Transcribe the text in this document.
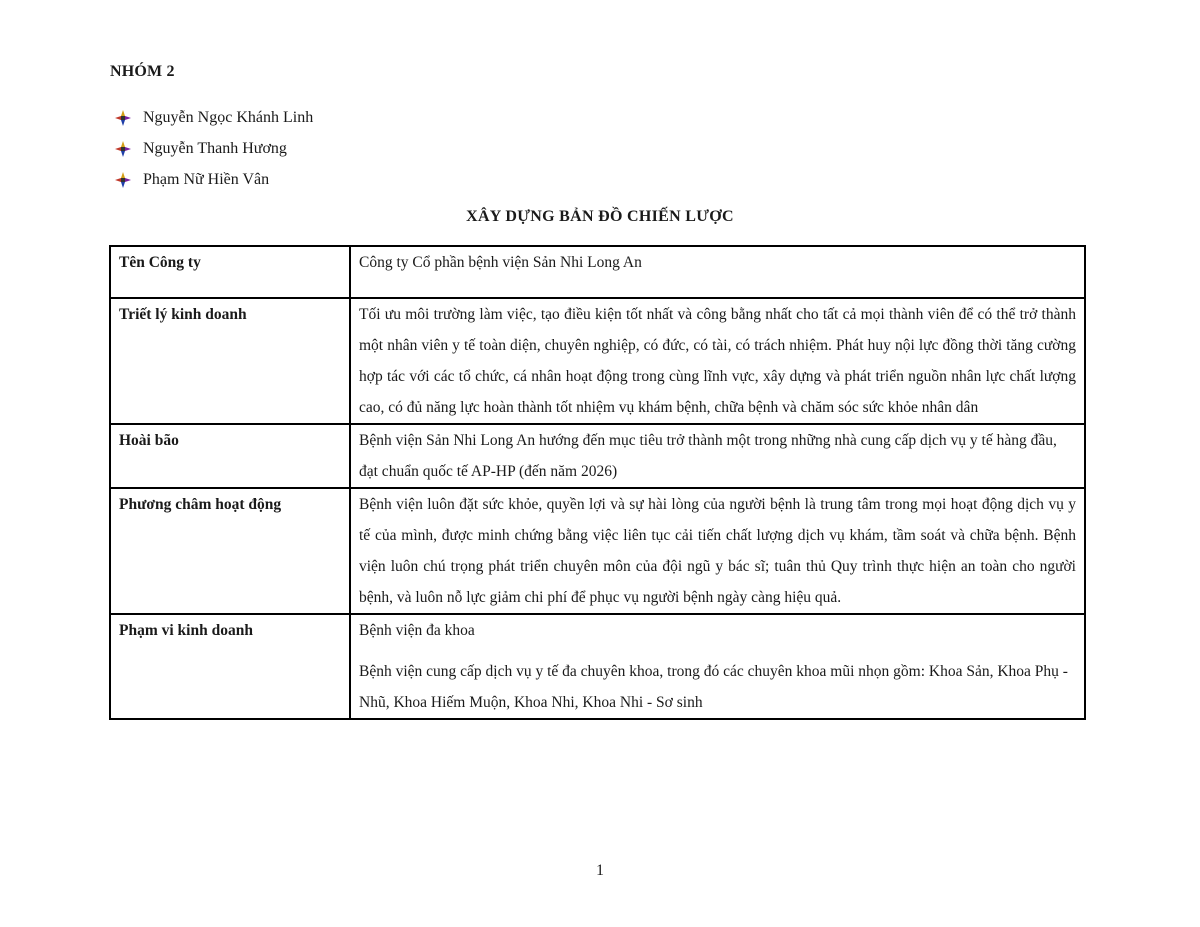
NHÓM 2
Nguyễn Ngọc Khánh Linh
Nguyễn Thanh Hương
Phạm Nữ Hiền Vân
XÂY DỰNG BẢN ĐỒ CHIẾN LƯỢC
Tên Công ty	Công ty Cổ phần bệnh viện Sản Nhi Long An
Triết lý kinh doanh	Tối ưu môi trường làm việc, tạo điều kiện tốt nhất và công bằng nhất cho tất cả mọi thành viên để có thể trở thành một nhân viên y tế toàn diện, chuyên nghiệp, có đức, có tài, có trách nhiệm. Phát huy nội lực đồng thời tăng cường hợp tác với các tổ chức, cá nhân hoạt động trong cùng lĩnh vực, xây dựng và phát triển nguồn nhân lực chất lượng cao, có đủ năng lực hoàn thành tốt nhiệm vụ khám bệnh, chữa bệnh và chăm sóc sức khỏe nhân dân
Hoài bão	Bệnh viện Sản Nhi Long An hướng đến mục tiêu trở thành một trong những nhà cung cấp dịch vụ y tế hàng đầu, đạt chuẩn quốc tế AP-HP (đến năm 2026)
Phương châm hoạt động	Bệnh viện luôn đặt sức khỏe, quyền lợi và sự hài lòng của người bệnh là trung tâm trong mọi hoạt động dịch vụ y tế của mình, được minh chứng bằng việc liên tục cải tiến chất lượng dịch vụ khám, tầm soát và chữa bệnh. Bệnh viện luôn chú trọng phát triển chuyên môn của đội ngũ y bác sĩ; tuân thủ Quy trình thực hiện an toàn cho người bệnh, và luôn nỗ lực giảm chi phí để phục vụ người bệnh ngày càng hiệu quả.
Phạm vi kinh doanh	Bệnh viện đa khoa
Bệnh viện cung cấp dịch vụ y tế đa chuyên khoa, trong đó các chuyên khoa mũi nhọn gồm: Khoa Sản, Khoa Phụ - Nhũ, Khoa Hiếm Muộn, Khoa Nhi, Khoa Nhi - Sơ sinh
1
